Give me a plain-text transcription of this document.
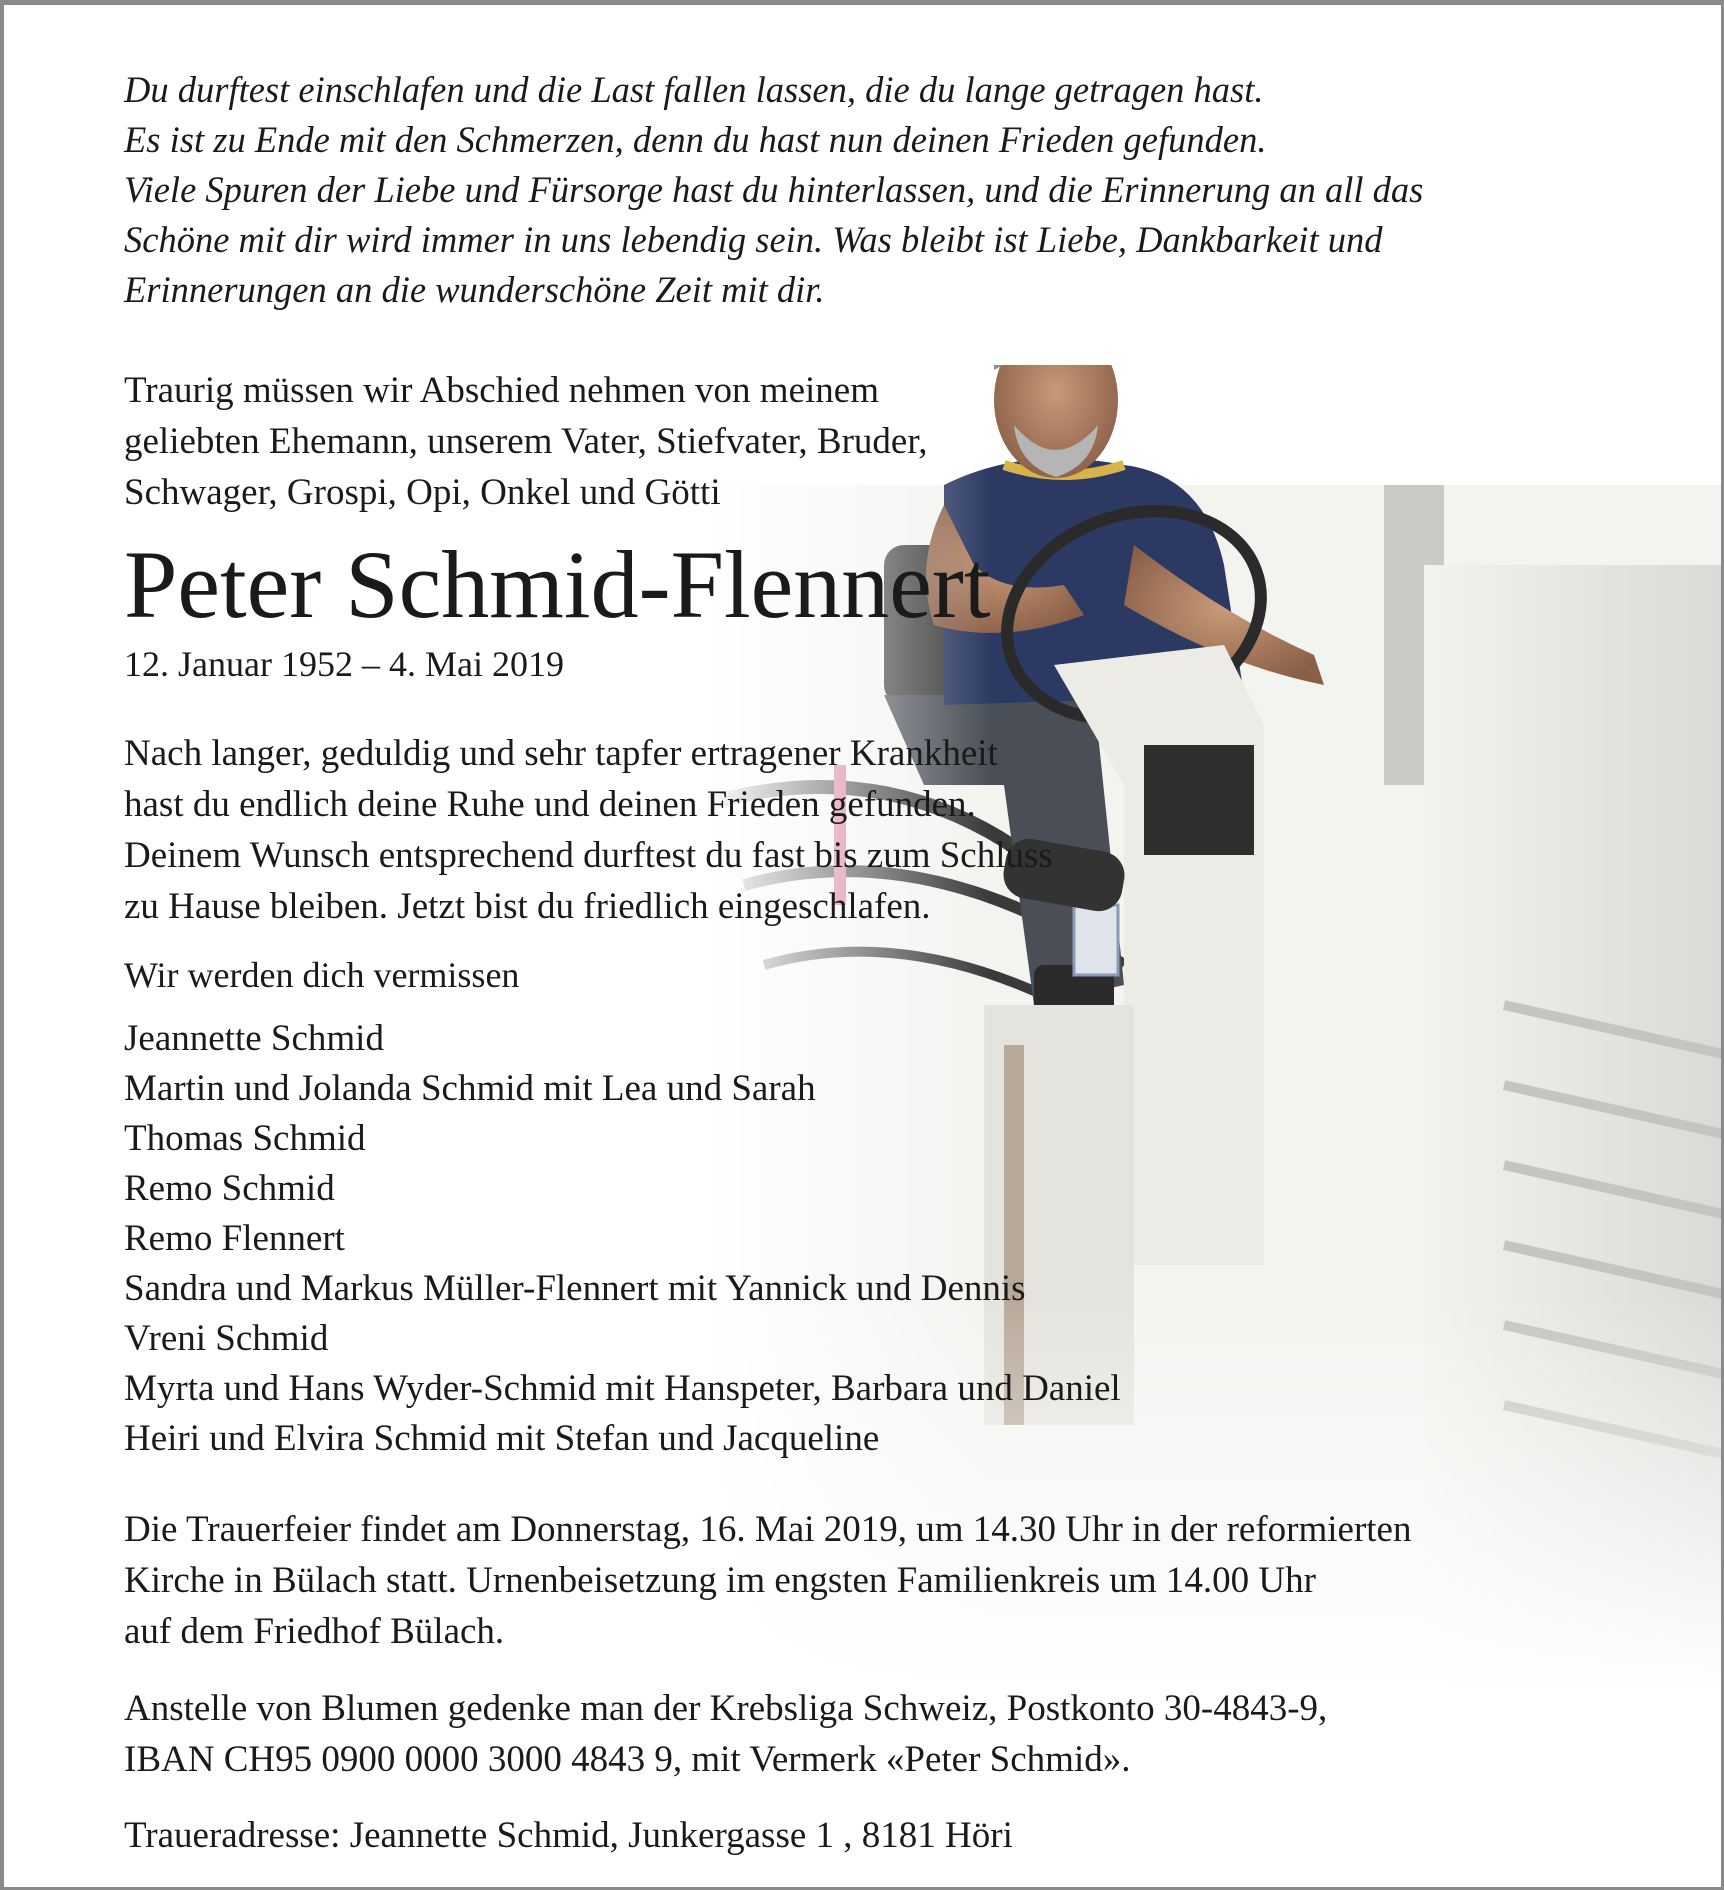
Du durftest einschlafen und die Last fallen lassen, die du lange getragen hast.
Es ist zu Ende mit den Schmerzen, denn du hast nun deinen Frieden gefunden.
Viele Spuren der Liebe und Fürsorge hast du hinterlassen, und die Erinnerung an all das
Schöne mit dir wird immer in uns lebendig sein. Was bleibt ist Liebe, Dankbarkeit und
Erinnerungen an die wunderschöne Zeit mit dir.
Traurig müssen wir Abschied nehmen von meinem
geliebten Ehemann, unserem Vater, Stiefvater, Bruder,
Schwager, Grospi, Opi, Onkel und Götti
Peter Schmid-Flennert
12. Januar 1952 – 4. Mai 2019
Nach langer, geduldig und sehr tapfer ertragener Krankheit
hast du endlich deine Ruhe und deinen Frieden gefunden.
Deinem Wunsch entsprechend durftest du fast bis zum Schluss
zu Hause bleiben. Jetzt bist du friedlich eingeschlafen.
Wir werden dich vermissen
Jeannette Schmid
Martin und Jolanda Schmid mit Lea und Sarah
Thomas Schmid
Remo Schmid
Remo Flennert
Sandra und Markus Müller-Flennert mit Yannick und Dennis
Vreni Schmid
Myrta und Hans Wyder-Schmid mit Hanspeter, Barbara und Daniel
Heiri und Elvira Schmid mit Stefan und Jacqueline
Die Trauerfeier findet am Donnerstag, 16. Mai 2019, um 14.30 Uhr in der reformierten
Kirche in Bülach statt. Urnenbeisetzung im engsten Familienkreis um 14.00 Uhr
auf dem Friedhof Bülach.
Anstelle von Blumen gedenke man der Krebsliga Schweiz, Postkonto 30-4843-9,
IBAN CH95 0900 0000 3000 4843 9, mit Vermerk «Peter Schmid».
Traueradresse: Jeannette Schmid, Junkergasse 1 , 8181 Höri
